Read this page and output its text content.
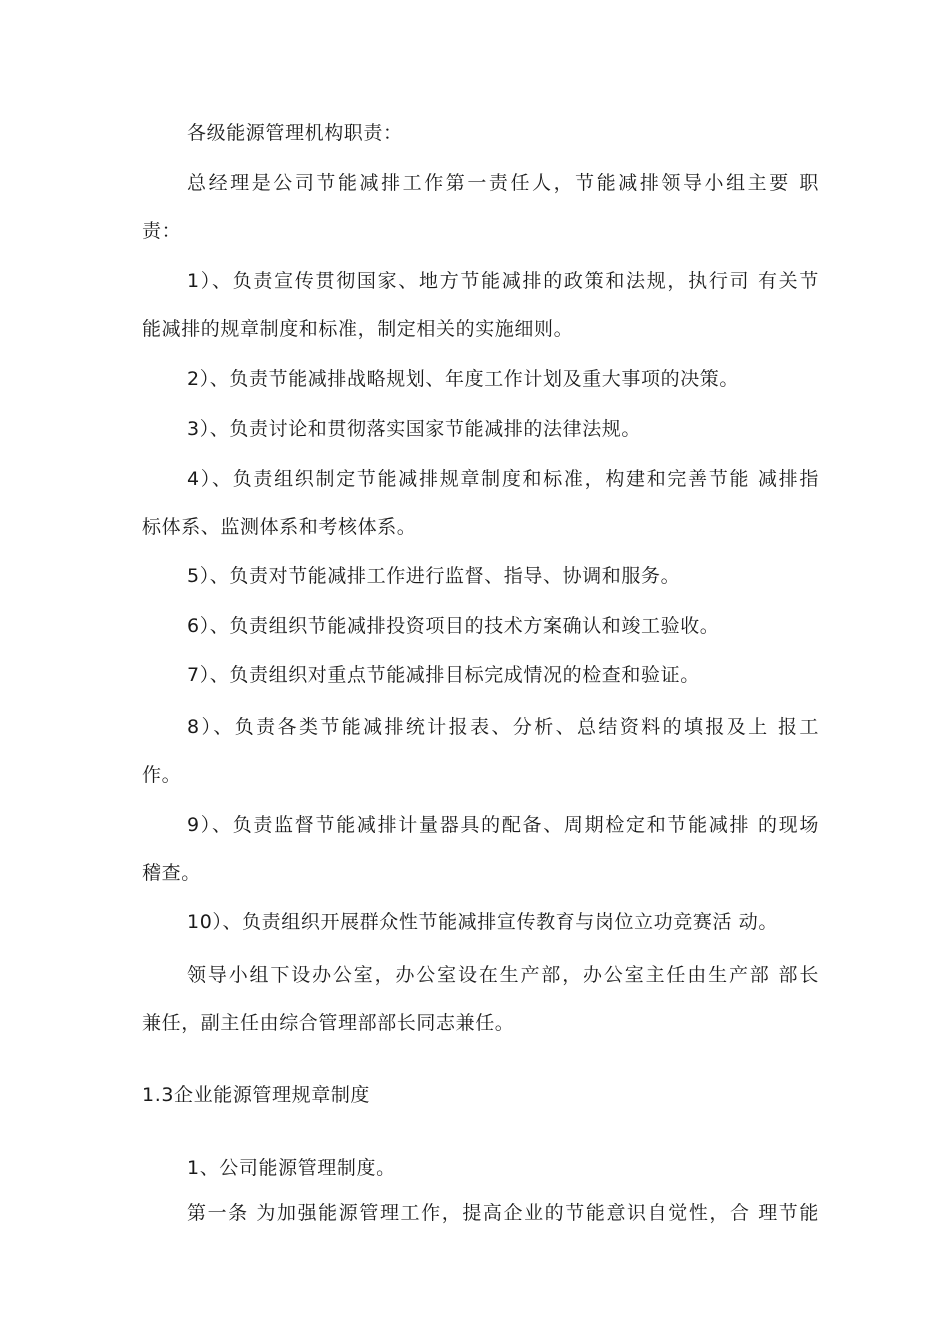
各级能源管理机构职责：
总经理是公司节能减排工作第一责任人，节能减排领导小组主要 职
责：
1）、负责宣传贯彻国家、地方节能减排的政策和法规，执行司 有关节
能减排的规章制度和标准，制定相关的实施细则。
2）、负责节能减排战略规划、年度工作计划及重大事项的决策。
3）、负责讨论和贯彻落实国家节能减排的法律法规。
4）、负责组织制定节能减排规章制度和标准，构建和完善节能 减排指
标体系、监测体系和考核体系。
5）、负责对节能减排工作进行监督、指导、协调和服务。
6）、负责组织节能减排投资项目的技术方案确认和竣工验收。
7）、负责组织对重点节能减排目标完成情况的检查和验证。
8）、负责各类节能减排统计报表、分析、总结资料的填报及上 报工
作。
9）、负责监督节能减排计量器具的配备、周期检定和节能减排 的现场
稽查。
10）、负责组织开展群众性节能减排宣传教育与岗位立功竞赛活 动。
领导小组下设办公室，办公室设在生产部，办公室主任由生产部 部长
兼任，副主任由综合管理部部长同志兼任。
1.3企业能源管理规章制度
1、公司能源管理制度。
第一条 为加强能源管理工作，提高企业的节能意识自觉性，合 理节能
